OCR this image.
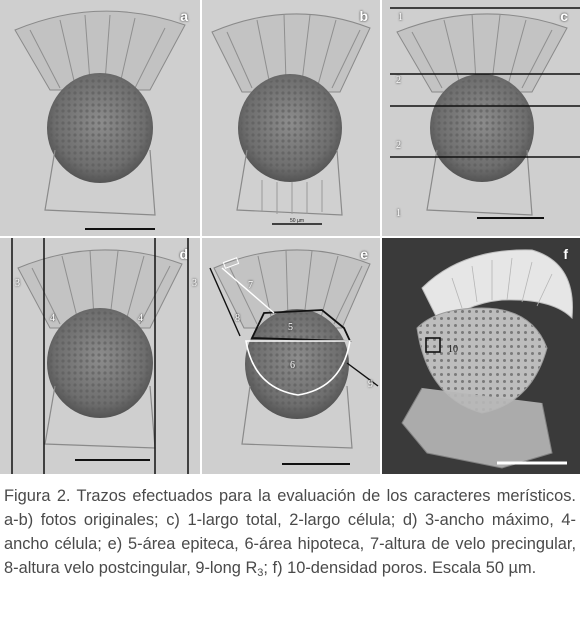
a
50 µm
b	1
2
2
1
c
3	3
4	4
d
7
8
5
6
9
e
10
f

Figura 2. Trazos efectuados para la evaluación de los caracteres merísticos. a-b) fotos originales; c) 1-largo total, 2-largo célula; d) 3-ancho máximo, 4-ancho célula; e) 5-área epiteca, 6-área hipoteca, 7-altura de velo precingular, 8-altura velo postcingular, 9-long $R_3$; f) 10-densidad poros. Escala 50 µm.
